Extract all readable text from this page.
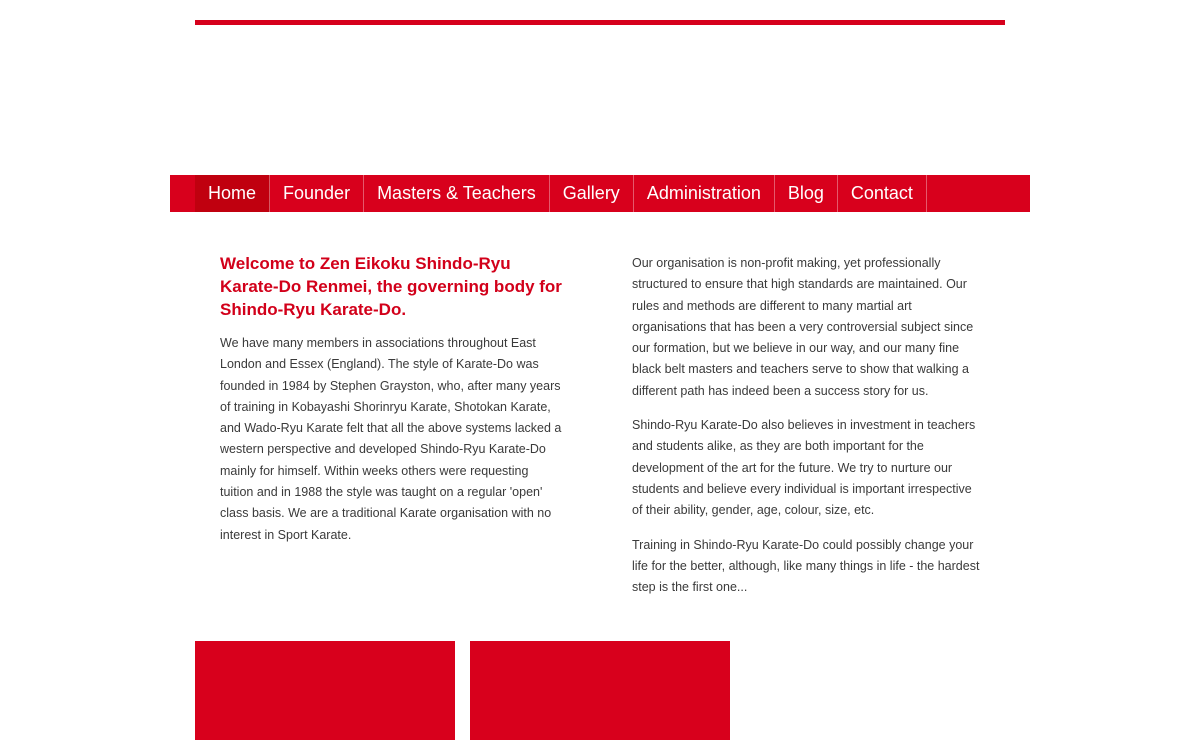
Home	Founder	Masters & Teachers	Gallery	Administration	Blog	Contact
Welcome to Zen Eikoku Shindo-Ryu Karate-Do Renmei, the governing body for Shindo-Ryu Karate-Do.

We have many members in associations throughout East London and Essex (England). The style of Karate-Do was founded in 1984 by Stephen Grayston, who, after many years of training in Kobayashi Shorinryu Karate, Shotokan Karate, and Wado-Ryu Karate felt that all the above systems lacked a western perspective and developed Shindo-Ryu Karate-Do mainly for himself. Within weeks others were requesting tuition and in 1988 the style was taught on a regular 'open' class basis. We are a traditional Karate organisation with no interest in Sport Karate.

Our organisation is non-profit making, yet professionally structured to ensure that high standards are maintained. Our rules and methods are different to many martial art organisations that has been a very controversial subject since our formation, but we believe in our way, and our many fine black belt masters and teachers serve to show that walking a different path has indeed been a success story for us.

Shindo-Ryu Karate-Do also believes in investment in teachers and students alike, as they are both important for the development of the art for the future. We try to nurture our students and believe every individual is important irrespective of their ability, gender, age, colour, size, etc.

Training in Shindo-Ryu Karate-Do could possibly change your life for the better, although, like many things in life - the hardest step is the first one...
